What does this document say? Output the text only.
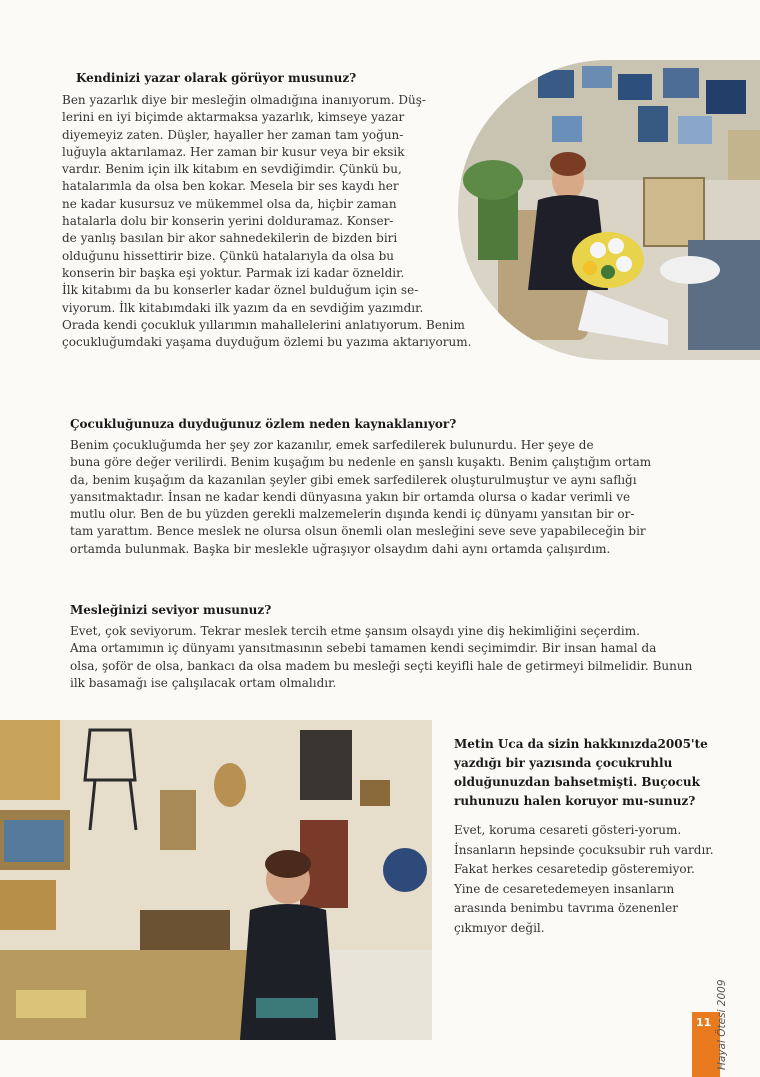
Kendinizi yazar olarak görüyor musunuz?
Ben yazarlık diye bir mesleğin olmadığına inanıyorum. Düş-
lerini en iyi biçimde aktarmaksa yazarlık, kimseye yazar
diyemeyiz zaten. Düşler, hayaller her zaman tam yoğun-
luğuyla aktarılamaz. Her zaman bir kusur veya bir eksik
vardır. Benim için ilk kitabım en sevdiğimdir. Çünkü bu,
hatalarımla da olsa ben kokar. Mesela bir ses kaydı her
ne kadar kusursuz ve mükemmel olsa da, hiçbir zaman
hatalarla dolu bir konserin yerini dolduramaz. Konser-
de yanlış basılan bir akor sahnedekilerin de bizden biri
olduğunu hissettirir bize. Çünkü hatalarıyla da olsa bu
konserin bir başka eşi yoktur. Parmak izi kadar özneldir.
İlk kitabımı da bu konserler kadar öznel bulduğum için se-
viyorum. İlk kitabımdaki ilk yazım da en sevdiğim yazımdır.
Orada kendi çocukluk yıllarımın mahallelerini anlatıyorum. Benim
çocukluğumdaki yaşama duyduğum özlemi bu yazıma aktarıyorum.
Çocukluğunuza duyduğunuz özlem neden kaynaklanıyor?
Benim çocukluğumda her şey zor kazanılır, emek sarfedilerek bulunurdu. Her şeye de
buna göre değer verilirdi. Benim kuşağım bu nedenle en şanslı kuşaktı. Benim çalıştığım ortam
da, benim kuşağım da kazanılan şeyler gibi emek sarfedilerek oluşturulmuştur ve aynı saflığı
yansıtmaktadır. İnsan ne kadar kendi dünyasına yakın bir ortamda olursa o kadar verimli ve
mutlu olur. Ben de bu yüzden gerekli malzemelerin dışında kendi iç dünyamı yansıtan bir or-
tam yarattım. Bence meslek ne olursa olsun önemli olan mesleğini seve seve yapabileceğin bir
ortamda bulunmak. Başka bir meslekle uğraşıyor olsaydım dahi aynı ortamda çalışırdım.
Mesleğinizi seviyor musunuz?
Evet, çok seviyorum. Tekrar meslek tercih etme şansım olsaydı yine diş hekimliğini seçerdim.
Ama ortamımın iç dünyamı yansıtmasının sebebi tamamen kendi seçimimdir. Bir insan hamal da
olsa, şoför de olsa, bankacı da olsa madem bu mesleği seçti keyifli hale de getirmeyi bilmelidir. Bunun
ilk basamağı ise çalışılacak ortam olmalıdır.
Metin Uca da sizin hakkınızda2005'te yazdığı bir yazısında çocukruhlu olduğunuzdan bahsetmişti. Buçocuk ruhunuzu halen koruyor mu-sunuz?
Evet, koruma cesareti gösteri-yorum. İnsanların hepsinde çocuksubir ruh vardır. Fakat herkes cesaretedip gösteremiyor. Yine de cesaretedemeyen insanların arasında benimbu tavrıma özenenler çıkmıyor değil.
11 Hayal Ötesi 2009
